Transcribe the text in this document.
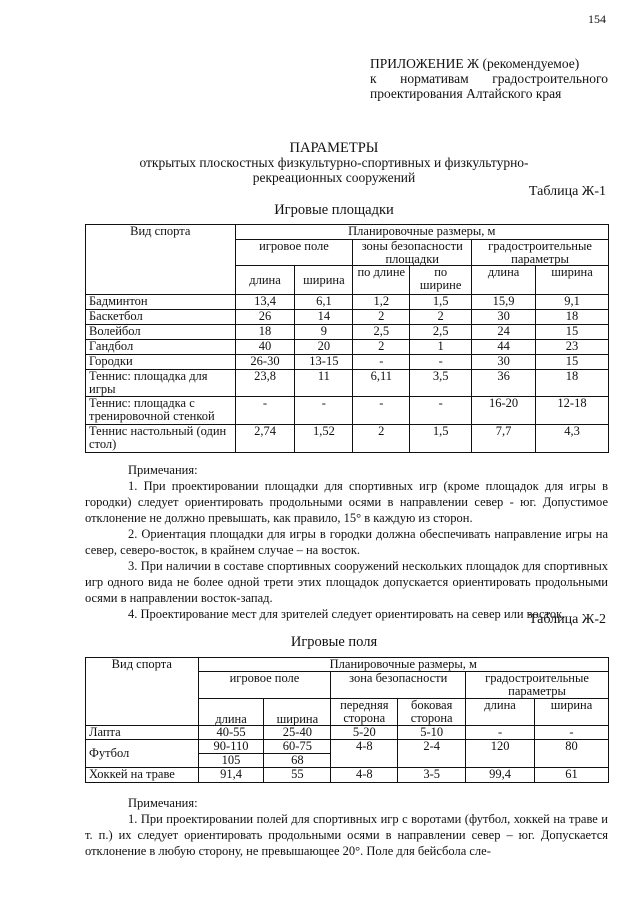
154
ПРИЛОЖЕНИЕ Ж (рекомендуемое)
к нормативам градостроительного
проектирования Алтайского края
ПАРАМЕТРЫ
открытых плоскостных физкультурно-спортивных и физкультурно-
рекреационных сооружений
Таблица Ж-1
Игровые площадки
Вид спорта	Планировочные размеры, м					
	игровое поле		зоны безопасности площадки		градостроительные параметры	
	длина	ширина	по длине	по ширине	длина	ширина
Бадминтон	13,4	6,1	1,2	1,5	15,9	9,1
Баскетбол	26	14	2	2	30	18
Волейбол	18	9	2,5	2,5	24	15
Гандбол	40	20	2	1	44	23
Городки	26-30	13-15	-	-	30	15
Теннис: площадка для игры	23,8	11	6,11	3,5	36	18
Теннис: площадка с тренировочной стенкой	-	-	-	-	16-20	12-18
Теннис настольный (один стол)	2,74	1,52	2	1,5	7,7	4,3

Примечания:

1. При проектировании площадки для спортивных игр (кроме площадок для игры в городки) следует ориентировать продольными осями в направлении север - юг. Допустимое отклонение не должно превышать, как правило, 15° в каждую из сторон.

2. Ориентация площадки для игры в городки должна обеспечивать направление игры на север, северо-восток, в крайнем случае – на восток.

3. При наличии в составе спортивных сооружений нескольких площадок для спортивных игр одного вида не более одной трети этих площадок допускается ориентировать продольными осями в направлении восток-запад.

4. Проектирование мест для зрителей следует ориентировать на север или восток.

Таблица Ж-2
Игровые поля
Вид спорта	Планировочные размеры, м					
	игровое поле		зона безопасности		градостроительные параметры	
	длина	ширина	передняя сторона	боковая сторона	длина	ширина
Лапта	40-55	25-40	5-20	5-10	-	-
Футбол	90-110	60-75	4-8	2-4	120	80
	105	68				
Хоккей на траве	91,4	55	4-8	3-5	99,4	61

Примечания:

1. При проектировании полей для спортивных игр с воротами (футбол, хоккей на траве и т. п.) их следует ориентировать продольными осями в направлении север – юг. Допускается отклонение в любую сторону, не превышающее 20°. Поле для бейсбола сле-
